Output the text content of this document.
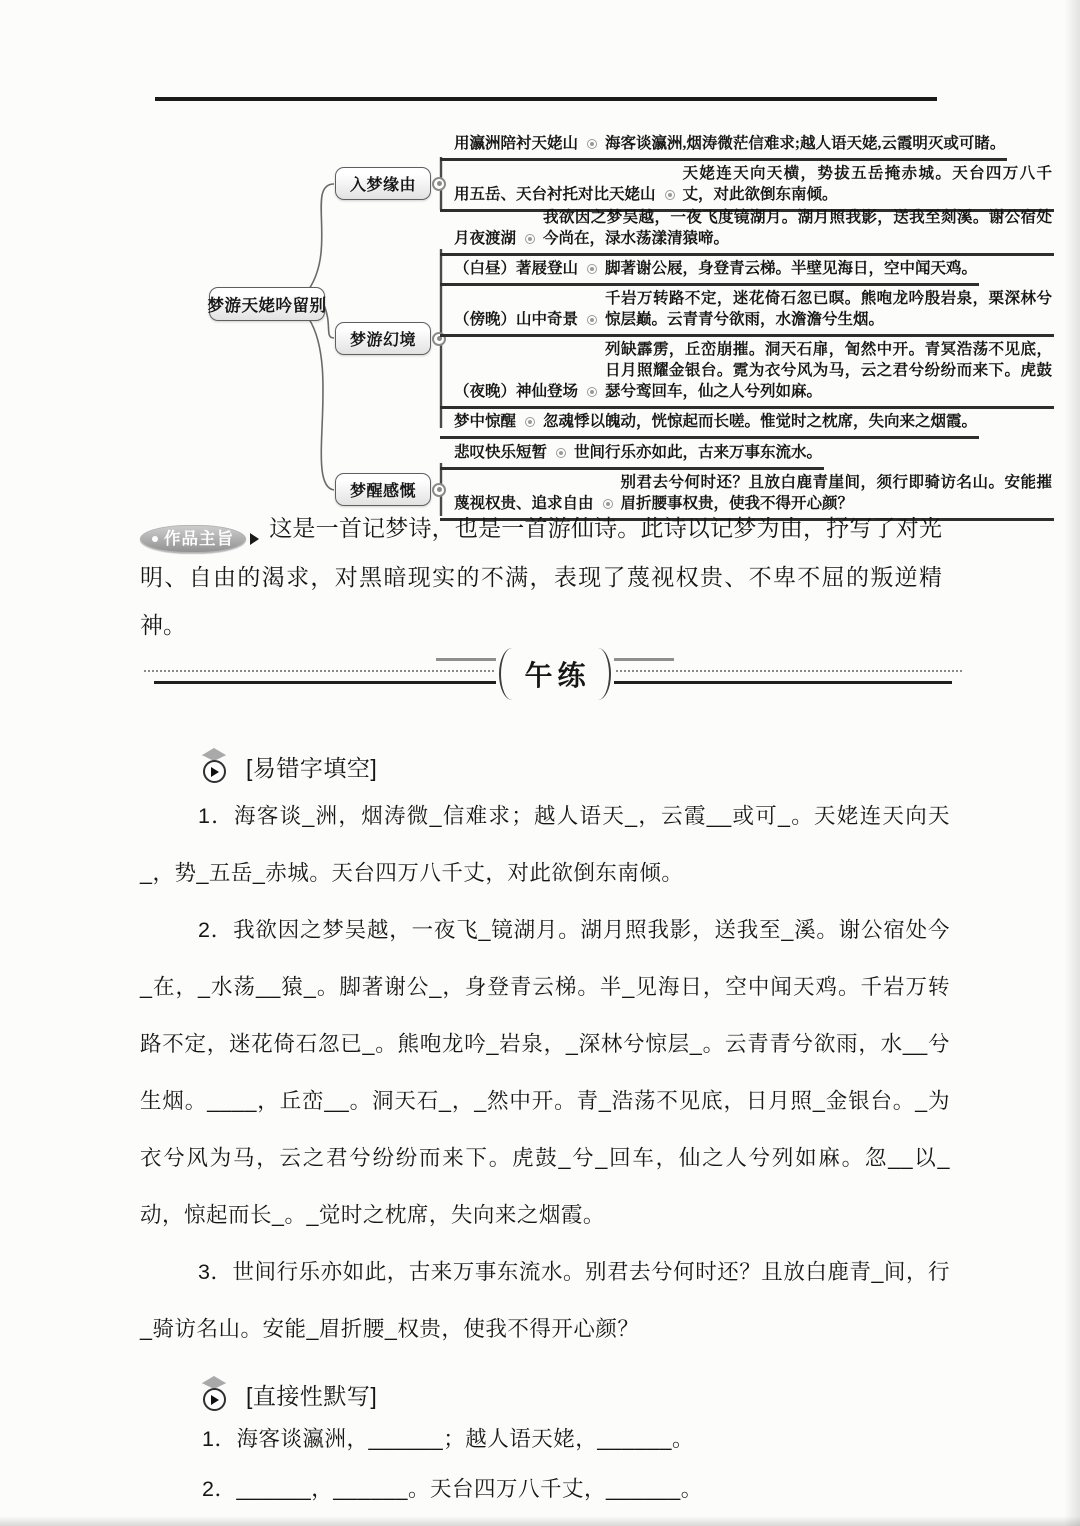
梦游天姥吟留别
入梦缘由
梦游幻境
梦醒感慨
用瀛洲陪衬天姥山 海客谈瀛洲,烟涛微茫信难求;越人语天姥,云霞明灭或可睹。
用五岳、天台衬托对比天姥山
天姥连天向天横，势拔五岳掩赤城。天台四万八千丈，对此欲倒东南倾。
月夜渡湖
我欲因之梦吴越，一夜飞度镜湖月。湖月照我影，送我至剡溪。谢公宿处今尚在，渌水荡漾清猿啼。
（白昼）著屐登山 脚著谢公屐，身登青云梯。半壁见海日，空中闻天鸡。
（傍晚）山中奇景
千岩万转路不定，迷花倚石忽已暝。熊咆龙吟殷岩泉，栗深林兮惊层巅。云青青兮欲雨，水澹澹兮生烟。
（夜晚）神仙登场
列缺霹雳，丘峦崩摧。洞天石扉，訇然中开。青冥浩荡不见底，日月照耀金银台。霓为衣兮风为马，云之君兮纷纷而来下。虎鼓瑟兮鸾回车，仙之人兮列如麻。
梦中惊醒 忽魂悸以魄动，恍惊起而长嗟。惟觉时之枕席，失向来之烟霞。
悲叹快乐短暂 世间行乐亦如此，古来万事东流水。
蔑视权贵、追求自由
别君去兮何时还？且放白鹿青崖间，须行即骑访名山。安能摧眉折腰事权贵，使我不得开心颜？
作品主旨 这是一首记梦诗，也是一首游仙诗。此诗以记梦为由，抒写了对光明、自由的渴求，对黑暗现实的不满，表现了蔑视权贵、不卑不屈的叛逆精神。
午练
[易错字填空]

1．海客谈_洲，烟涛微_信难求；越人语天_，云霞__或可_。天姥连天向天_，势_五岳_赤城。天台四万八千丈，对此欲倒东南倾。

2．我欲因之梦吴越，一夜飞_镜湖月。湖月照我影，送我至_溪。谢公宿处今_在，_水荡__猿_。脚著谢公_，身登青云梯。半_见海日，空中闻天鸡。千岩万转路不定，迷花倚石忽已_。熊咆龙吟_岩泉，_深林兮惊层_。云青青兮欲雨，水__兮生烟。____，丘峦__。洞天石_，_然中开。青_浩荡不见底，日月照_金银台。_为衣兮风为马，云之君兮纷纷而来下。虎鼓_兮_回车，仙之人兮列如麻。忽__以_动，惊起而长_。_觉时之枕席，失向来之烟霞。

3．世间行乐亦如此，古来万事东流水。别君去兮何时还？且放白鹿青_间，行_骑访名山。安能_眉折腰_权贵，使我不得开心颜？

[直接性默写]

1．海客谈瀛洲，______；越人语天姥，______。

2．______，______。天台四万八千丈，______。
